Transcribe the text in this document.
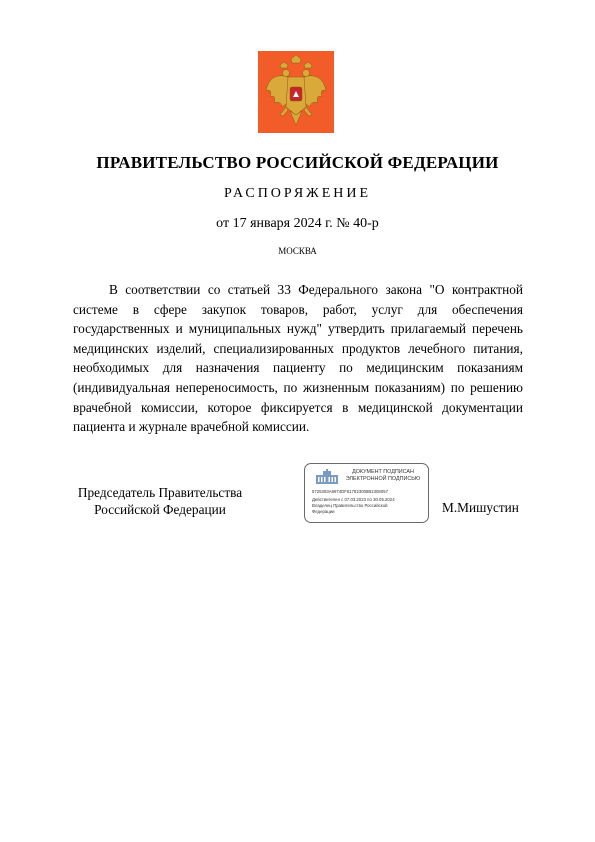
ПРАВИТЕЛЬСТВО РОССИЙСКОЙ ФЕДЕРАЦИИ
РАСПОРЯЖЕНИЕ
от 17 января 2024 г. № 40-р
МОСКВА

В соответствии со статьей 33 Федерального закона "О контрактной системе в сфере закупок товаров, работ, услуг для обеспечения государственных и муниципальных нужд" утвердить прилагаемый перечень медицинских изделий, специализированных продуктов лечебного питания, необходимых для назначения пациенту по медицинским показаниям (индивидуальная непереносимость, по жизненным показаниям) по решению врачебной комиссии, которое фиксируется в медицинской документации пациента и журнале врачебной комиссии.

Председатель Правительства
Российской Федерации
ДОКУМЕНТ ПОДПИСАН
ЭЛЕКТРОННОЙ ПОДПИСЬЮ
5725393A9974DF617823008B2308057
Действителен с 07.03.2023 по 30.05.2024
Владелец Правительство Российской
Федерации	М.Мишустин
